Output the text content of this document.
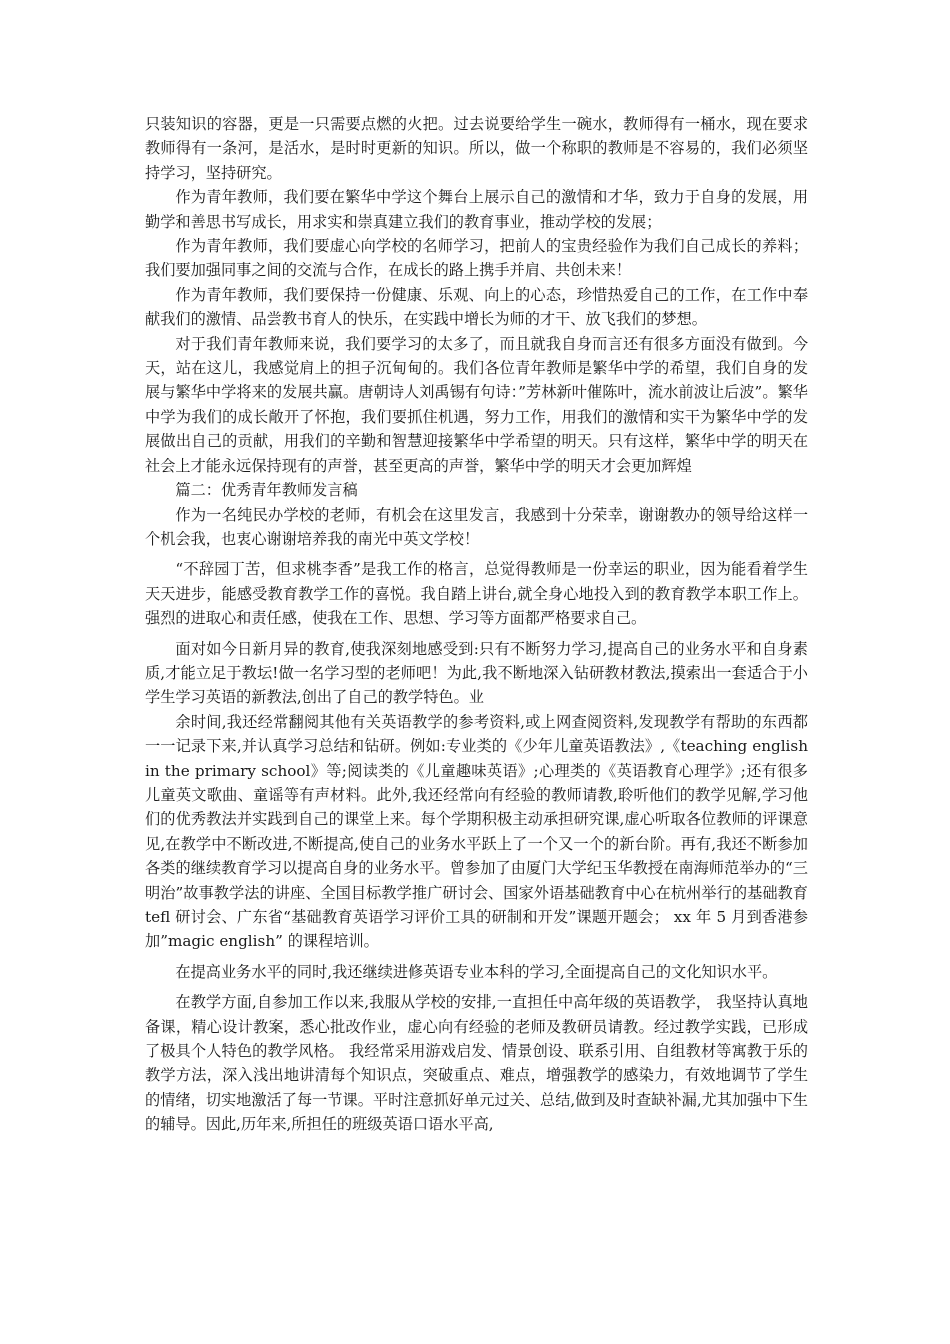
只装知识的容器，更是一只需要点燃的火把。过去说要给学生一碗水，教师得有一桶水，现在要求教师得有一条河，是活水，是时时更新的知识。所以，做一个称职的教师是不容易的，我们必须坚持学习，坚持研究。

作为青年教师，我们要在繁华中学这个舞台上展示自己的激情和才华，致力于自身的发展，用勤学和善思书写成长，用求实和崇真建立我们的教育事业，推动学校的发展；

作为青年教师，我们要虚心向学校的名师学习，把前人的宝贵经验作为我们自己成长的养料；我们要加强同事之间的交流与合作，在成长的路上携手并肩、共创未来！

作为青年教师，我们要保持一份健康、乐观、向上的心态，珍惜热爱自己的工作，在工作中奉献我们的激情、品尝教书育人的快乐，在实践中增长为师的才干、放飞我们的梦想。

对于我们青年教师来说，我们要学习的太多了，而且就我自身而言还有很多方面没有做到。今天，站在这儿，我感觉肩上的担子沉甸甸的。我们各位青年教师是繁华中学的希望，我们自身的发展与繁华中学将来的发展共赢。唐朝诗人刘禹锡有句诗：”芳林新叶催陈叶，流水前波让后波”。繁华中学为我们的成长敞开了怀抱，我们要抓住机遇，努力工作，用我们的激情和实干为繁华中学的发展做出自己的贡献，用我们的辛勤和智慧迎接繁华中学希望的明天。只有这样，繁华中学的明天在社会上才能永远保持现有的声誉，甚至更高的声誉，繁华中学的明天才会更加辉煌

篇二：优秀青年教师发言稿

作为一名纯民办学校的老师，有机会在这里发言，我感到十分荣幸，谢谢教办的领导给这样一个机会我，也衷心谢谢培养我的南光中英文学校！

“不辞园丁苦，但求桃李香”是我工作的格言，总觉得教师是一份幸运的职业，因为能看着学生天天进步，能感受教育教学工作的喜悦。我自踏上讲台,就全身心地投入到的教育教学本职工作上。强烈的进取心和责任感，使我在工作、思想、学习等方面都严格要求自己。

面对如今日新月异的教育,使我深刻地感受到:只有不断努力学习,提高自己的业务水平和自身素质,才能立足于教坛!做一名学习型的老师吧！为此,我不断地深入钻研教材教法,摸索出一套适合于小学生学习英语的新教法,创出了自己的教学特色。业

余时间,我还经常翻阅其他有关英语教学的参考资料,或上网查阅资料,发现教学有帮助的东西都一一记录下来,并认真学习总结和钻研。例如:专业类的《少年儿童英语教法》,《teaching english in the primary school》等;阅读类的《儿童趣味英语》;心理类的《英语教育心理学》;还有很多儿童英文歌曲、童谣等有声材料。此外,我还经常向有经验的教师请教,聆听他们的教学见解,学习他们的优秀教法并实践到自己的课堂上来。每个学期积极主动承担研究课,虚心听取各位教师的评课意见,在教学中不断改进,不断提高,使自己的业务水平跃上了一个又一个的新台阶。再有,我还不断参加各类的继续教育学习以提高自身的业务水平。曾参加了由厦门大学纪玉华教授在南海师范举办的“三明治”故事教学法的讲座、全国目标教学推广研讨会、国家外语基础教育中心在杭州举行的基础教育 tefl 研讨会、广东省“基础教育英语学习评价工具的研制和开发”课题开题会； xx 年 5 月到香港参加”magic english” 的课程培训。

在提高业务水平的同时,我还继续进修英语专业本科的学习,全面提高自己的文化知识水平。

在教学方面,自参加工作以来,我服从学校的安排,一直担任中高年级的英语教学， 我坚持认真地备课，精心设计教案，悉心批改作业，虚心向有经验的老师及教研员请教。经过教学实践，已形成了极具个人特色的教学风格。 我经常采用游戏启发、情景创设、联系引用、自组教材等寓教于乐的教学方法，深入浅出地讲清每个知识点，突破重点、难点，增强教学的感染力，有效地调节了学生的情绪，切实地激活了每一节课。平时注意抓好单元过关、总结,做到及时查缺补漏,尤其加强中下生的辅导。因此,历年来,所担任的班级英语口语水平高,
